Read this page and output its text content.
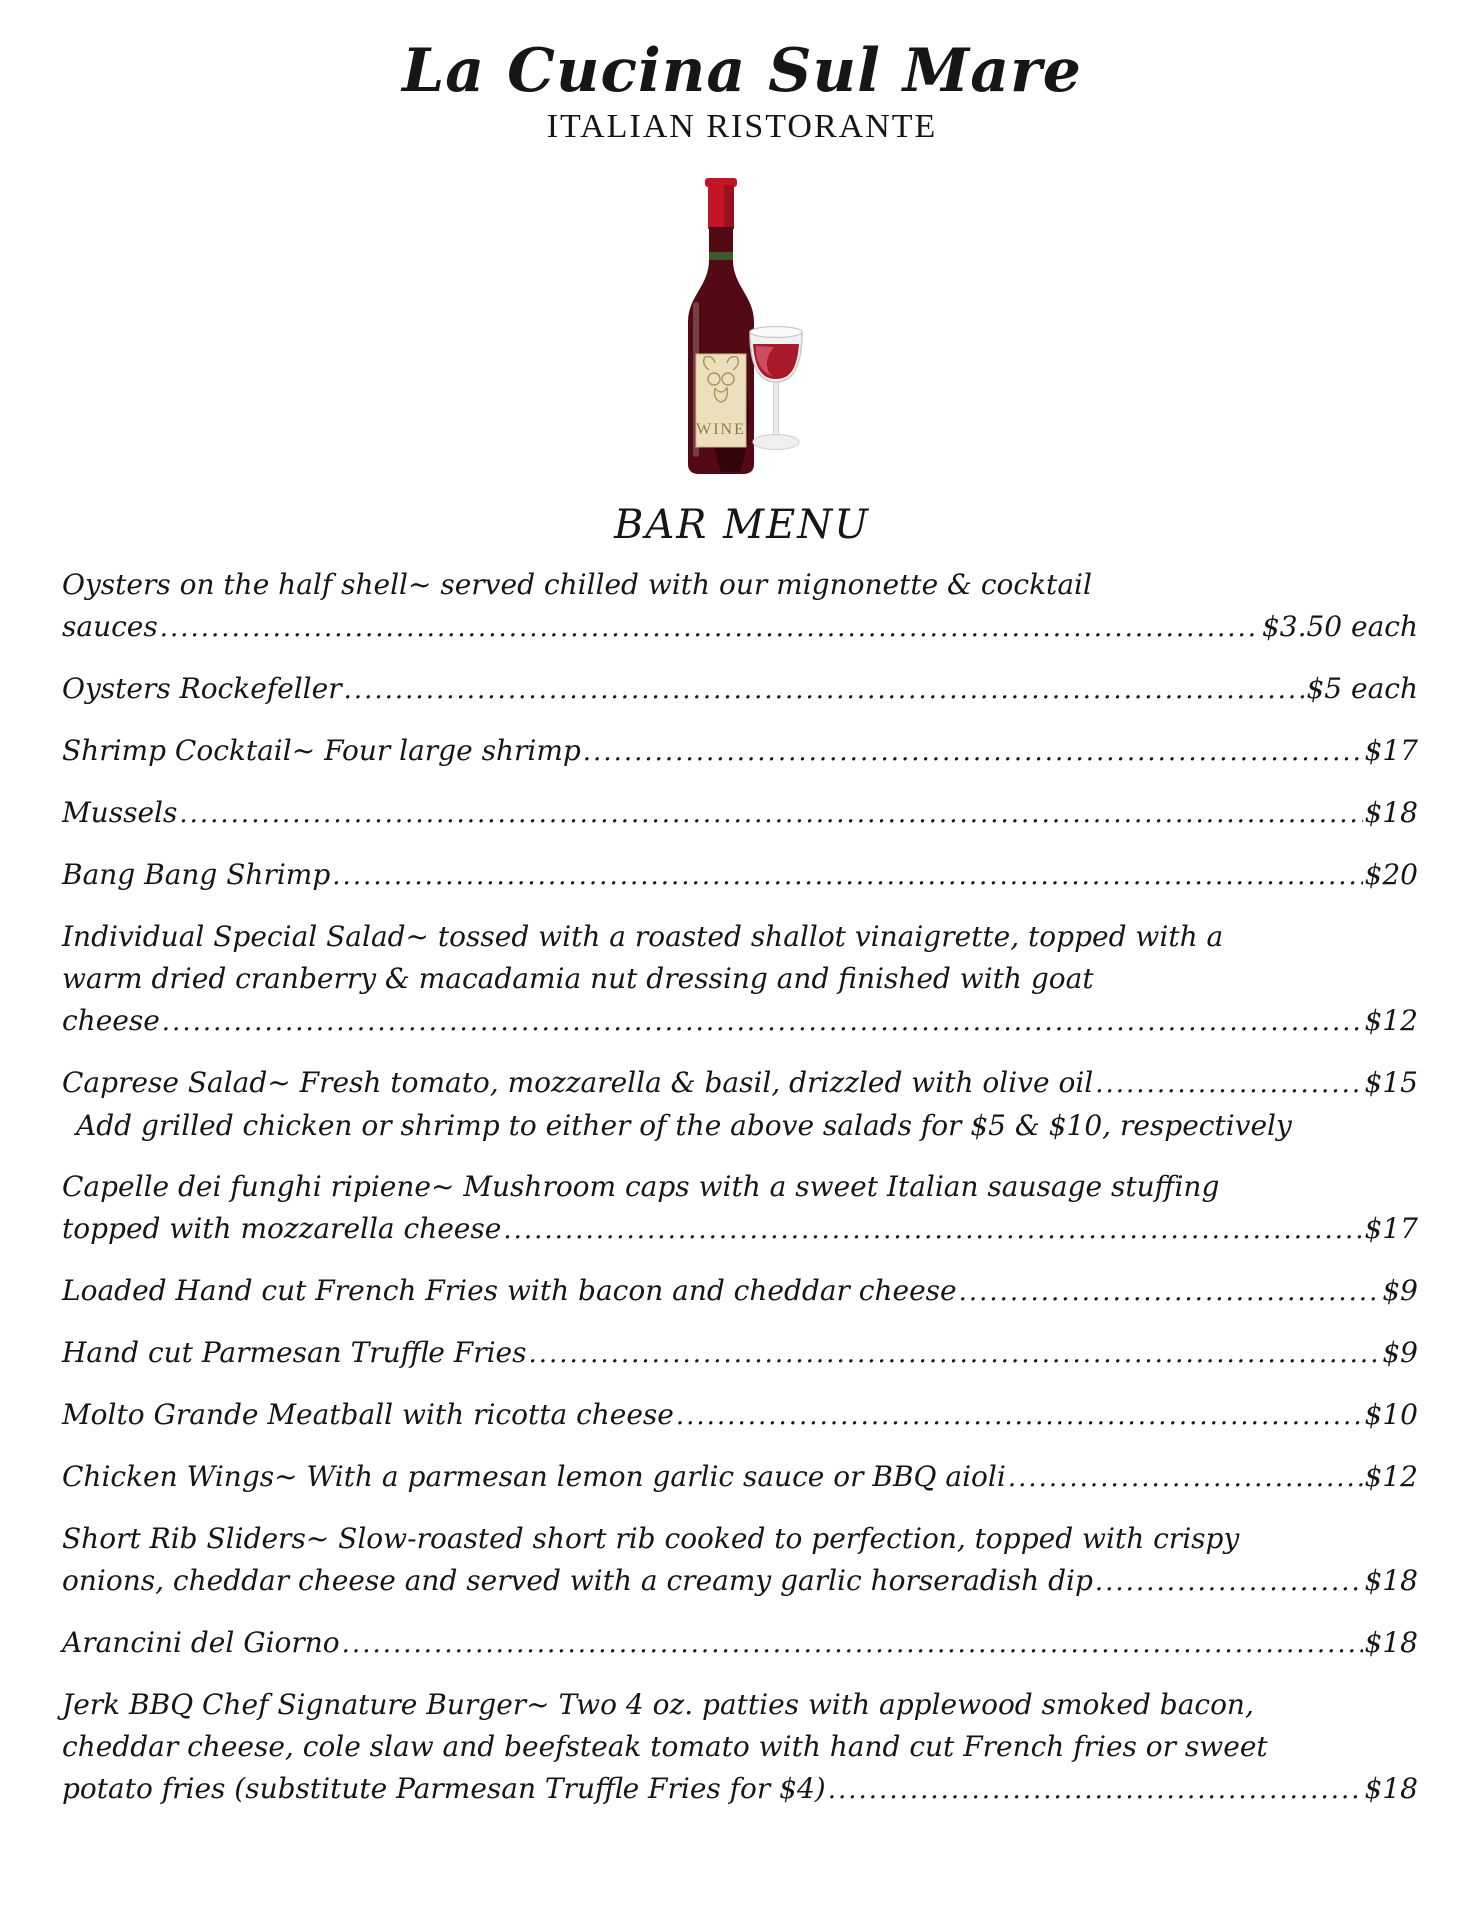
La Cucina Sul Mare
ITALIAN RISTORANTE
WINE
BAR MENU
Oysters on the half shell~ served chilled with our mignonette & cocktail
sauces .....	$3.50 each
Oysters Rockefeller .....	$5 each
Shrimp Cocktail~ Four large shrimp .....	$17
Mussels .....	$18
Bang Bang Shrimp .....	$20
Individual Special Salad~ tossed with a roasted shallot vinaigrette, topped with a
warm dried cranberry & macadamia nut dressing and finished with goat
cheese .....	$12
Caprese Salad~ Fresh tomato, mozzarella & basil, drizzled with olive oil .....	$15
Add grilled chicken or shrimp to either of the above salads for $5 & $10, respectively
Capelle dei funghi ripiene~ Mushroom caps with a sweet Italian sausage stuffing
topped with mozzarella cheese .....	$17
Loaded Hand cut French Fries with bacon and cheddar cheese .....	$9
Hand cut Parmesan Truffle Fries .....	$9
Molto Grande Meatball with ricotta cheese .....	$10
Chicken Wings~ With a parmesan lemon garlic sauce or BBQ aioli .....	$12
Short Rib Sliders~ Slow-roasted short rib cooked to perfection, topped with crispy
onions, cheddar cheese and served with a creamy garlic horseradish dip .....	$18
Arancini del Giorno .....	$18
Jerk BBQ Chef Signature Burger~ Two 4 oz. patties with applewood smoked bacon,
cheddar cheese, cole slaw and beefsteak tomato with hand cut French fries or sweet
potato fries (substitute Parmesan Truffle Fries for $4) .....	$18
